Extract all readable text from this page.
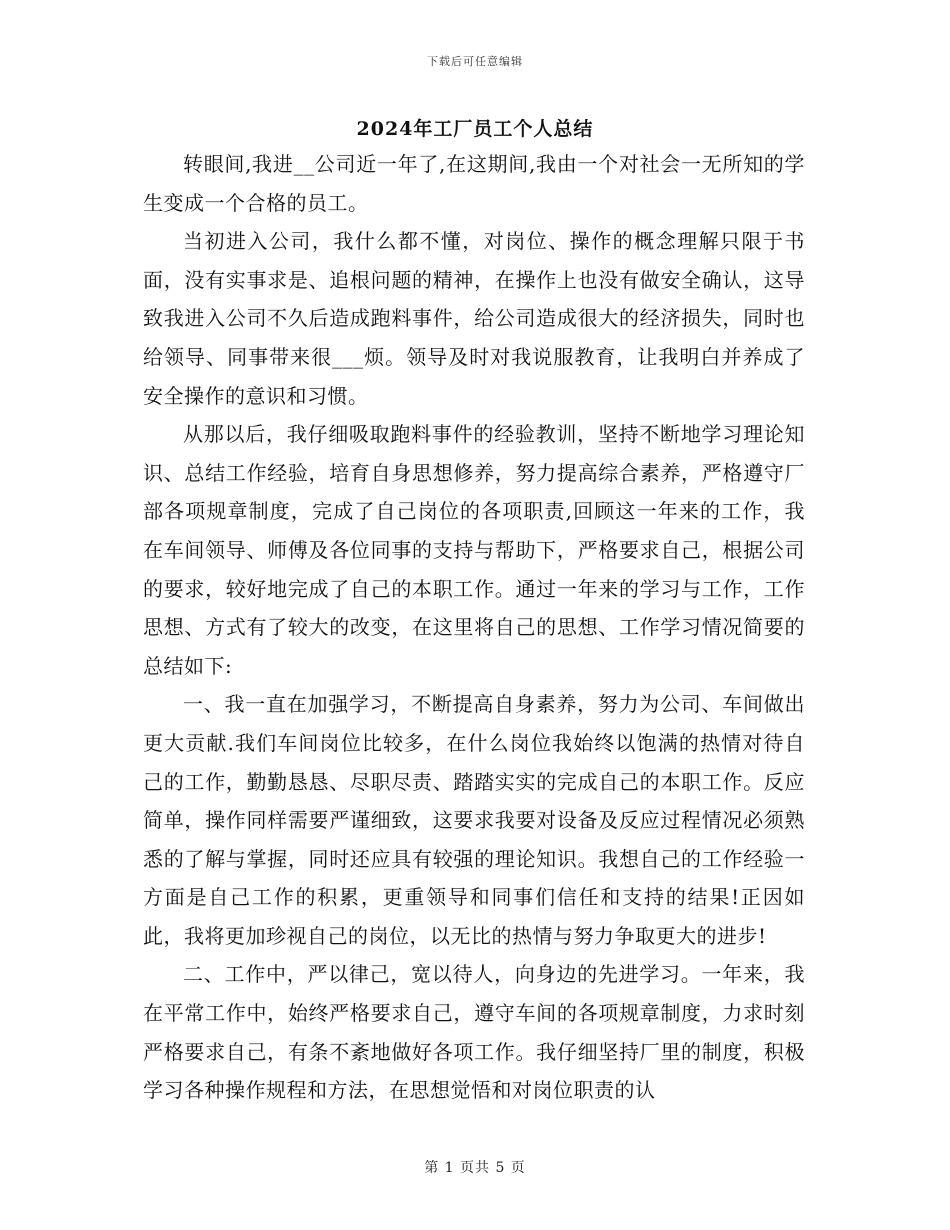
下载后可任意编辑
2024年工厂员工个人总结

转眼间,我进__公司近一年了,在这期间,我由一个对社会一无所知的学生变成一个合格的员工。

当初进入公司，我什么都不懂，对岗位、操作的概念理解只限于书面，没有实事求是、追根问题的精神，在操作上也没有做安全确认，这导致我进入公司不久后造成跑料事件，给公司造成很大的经济损失，同时也给领导、同事带来很___烦。领导及时对我说服教育，让我明白并养成了安全操作的意识和习惯。

从那以后，我仔细吸取跑料事件的经验教训，坚持不断地学习理论知识、总结工作经验，培育自身思想修养，努力提高综合素养，严格遵守厂部各项规章制度，完成了自己岗位的各项职责,回顾这一年来的工作，我在车间领导、师傅及各位同事的支持与帮助下，严格要求自己，根据公司的要求，较好地完成了自己的本职工作。通过一年来的学习与工作，工作思想、方式有了较大的改变，在这里将自己的思想、工作学习情况简要的总结如下:

一、我一直在加强学习，不断提高自身素养，努力为公司、车间做出更大贡献.我们车间岗位比较多，在什么岗位我始终以饱满的热情对待自己的工作，勤勤恳恳、尽职尽责、踏踏实实的完成自己的本职工作。反应简单，操作同样需要严谨细致，这要求我要对设备及反应过程情况必须熟悉的了解与掌握，同时还应具有较强的理论知识。我想自己的工作经验一方面是自己工作的积累，更重领导和同事们信任和支持的结果!正因如此，我将更加珍视自己的岗位，以无比的热情与努力争取更大的进步!

二、工作中，严以律己，宽以待人，向身边的先进学习。一年来，我在平常工作中，始终严格要求自己，遵守车间的各项规章制度，力求时刻严格要求自己，有条不紊地做好各项工作。我仔细坚持厂里的制度，积极学习各种操作规程和方法，在思想觉悟和对岗位职责的认

第 1 页共 5 页
